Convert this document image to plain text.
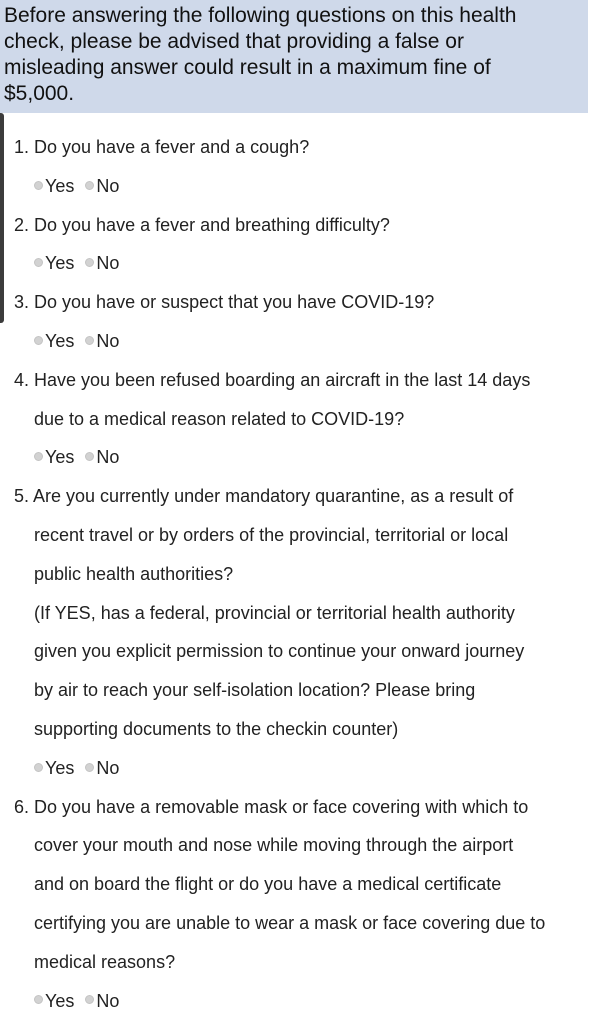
Before answering the following questions on this health
check, please be advised that providing a false or
misleading answer could result in a maximum fine of
$5,000.
1. Do you have a fever and a cough?
Yes No
2. Do you have a fever and breathing difficulty?
Yes No
3. Do you have or suspect that you have COVID-19?
Yes No
4. Have you been refused boarding an aircraft in the last 14 days
due to a medical reason related to COVID-19?
Yes No
5. Are you currently under mandatory quarantine, as a result of
recent travel or by orders of the provincial, territorial or local
public health authorities?
(If YES, has a federal, provincial or territorial health authority
given you explicit permission to continue your onward journey
by air to reach your self-isolation location? Please bring
supporting documents to the checkin counter)
Yes No
6. Do you have a removable mask or face covering with which to
cover your mouth and nose while moving through the airport
and on board the flight or do you have a medical certificate
certifying you are unable to wear a mask or face covering due to
medical reasons?
Yes No
